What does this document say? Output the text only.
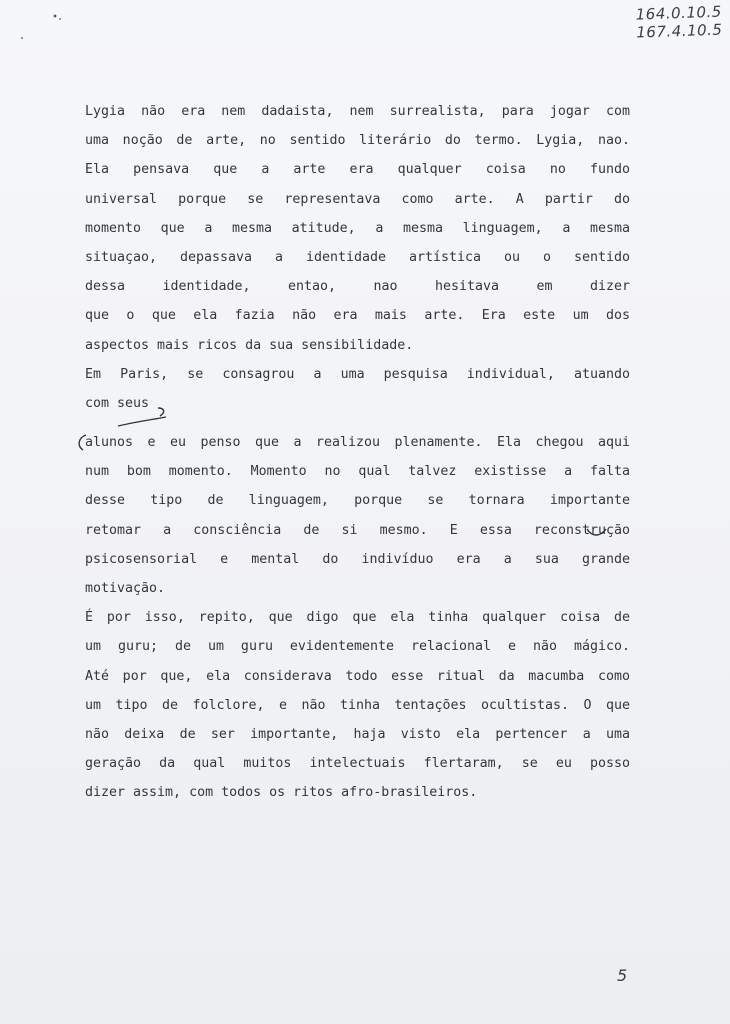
164.0.10.5
167.4.10.5
Lygia não era nem dadaista, nem surrealista, para jogar com
uma noção de arte, no sentido literário do termo. Lygia, nao.
Ela pensava que a arte era qualquer coisa no fundo
universal porque se representava como arte. A partir do
momento que a mesma atitude, a mesma linguagem, a mesma
situaçao, depassava a identidade artística ou o sentido
dessa identidade, entao, nao hesitava em dizer
que o que ela fazia não era mais arte. Era este um dos
aspectos mais ricos da sua sensibilidade.
Em Paris, se consagrou a uma pesquisa individual, atuando
com seus
alunos e eu penso que a realizou plenamente. Ela chegou aqui
num bom momento. Momento no qual talvez existisse a falta
desse tipo de linguagem, porque se tornara importante
retomar a consciência de si mesmo. E essa reconstrução
psicosensorial e mental do indivíduo era a sua grande
motivação.
É por isso, repito, que digo que ela tinha qualquer coisa de
um guru; de um guru evidentemente relacional e não mágico.
Até por que, ela considerava todo esse ritual da macumba como
um tipo de folclore, e não tinha tentações ocultistas. O que
não deixa de ser importante, haja visto ela pertencer a uma
geração da qual muitos intelectuais flertaram, se eu posso
dizer assim, com todos os ritos afro-brasileiros.
5
